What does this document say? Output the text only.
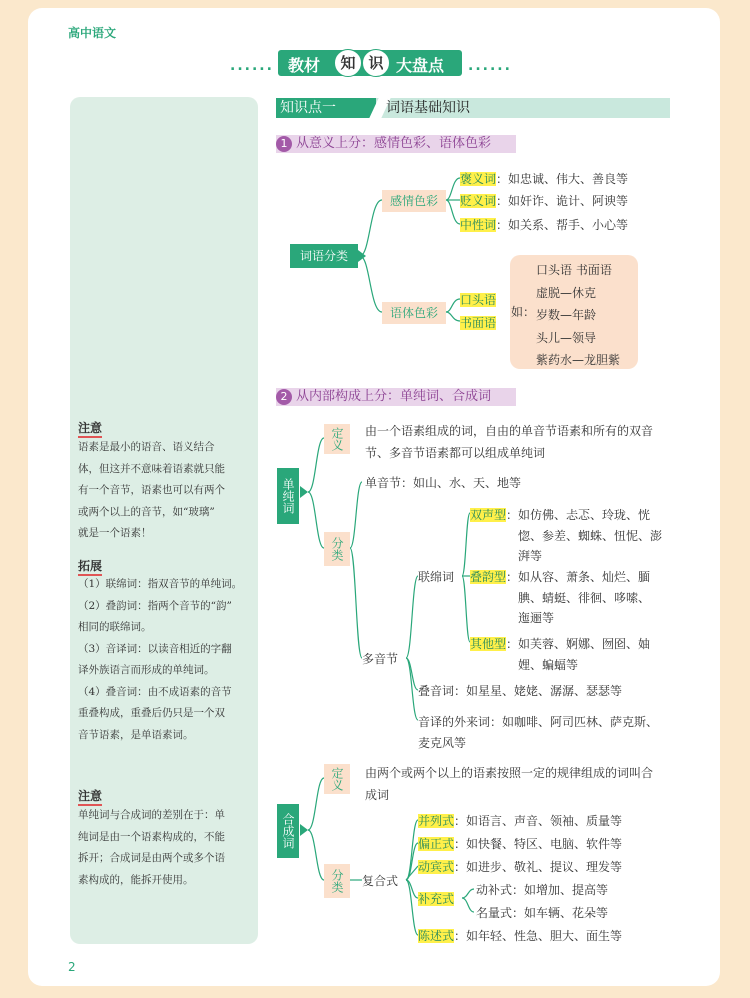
高中语文
......	......
教材	知 识 大盘点
注意
语素是最小的语音、语义结合
体，但这并不意味着语素就只能
有一个音节，语素也可以有两个
或两个以上的音节，如“玻璃”
就是一个语素！
拓展
（1）联绵词：指双音节的单纯词。
（2）叠韵词：指两个音节的“韵”
相同的联绵词。
（3）音译词：以读音相近的字翻
译外族语言而形成的单纯词。
（4）叠音词：由不成语素的音节
重叠构成，重叠后仍只是一个双
音节语素，是单语素词。
注意
单纯词与合成词的差别在于：单
纯词是由一个语素构成的，不能
拆开；合成词是由两个或多个语
素构成的，能拆开使用。
知识点一	词语基础知识
1 从意义上分：感情色彩、语体色彩
词语分类
感情色彩
语体色彩
褒义词：如忠诚、伟大、善良等
贬义词：如奸诈、诡计、阿谀等
中性词：如关系、帮手、小心等
口头语
书面语
如：
口头语 书面语
虚脱—休克
岁数—年龄
头儿—领导
紫药水—龙胆紫
2 从内部构成上分：单纯词、合成词
单纯词
定义	由一个语素组成的词，自由的单音节语素和所有的双音
节、多音节语素都可以组成单纯词
分类
单音节：如山、水、天、地等
多音节
联绵词
双声型：如仿佛、忐忑、玲珑、恍
惚、参差、蜘蛛、忸怩、澎
湃等
叠韵型：如从容、萧条、灿烂、腼
腆、蜻蜓、徘徊、哆嗦、
迤逦等
其他型：如芙蓉、婀娜、囫囵、妯
娌、蝙蝠等
叠音词：如星星、姥姥、潺潺、瑟瑟等
音译的外来词：如咖啡、阿司匹林、萨克斯、
麦克风等
合成词
定义	由两个或两个以上的语素按照一定的规律组成的词叫合
成词
分类	复合式
并列式：如语言、声音、领袖、质量等
偏正式：如快餐、特区、电脑、软件等
动宾式：如进步、敬礼、提议、理发等
补充式
动补式：如增加、提高等
名量式：如车辆、花朵等
陈述式：如年轻、性急、胆大、面生等
2
